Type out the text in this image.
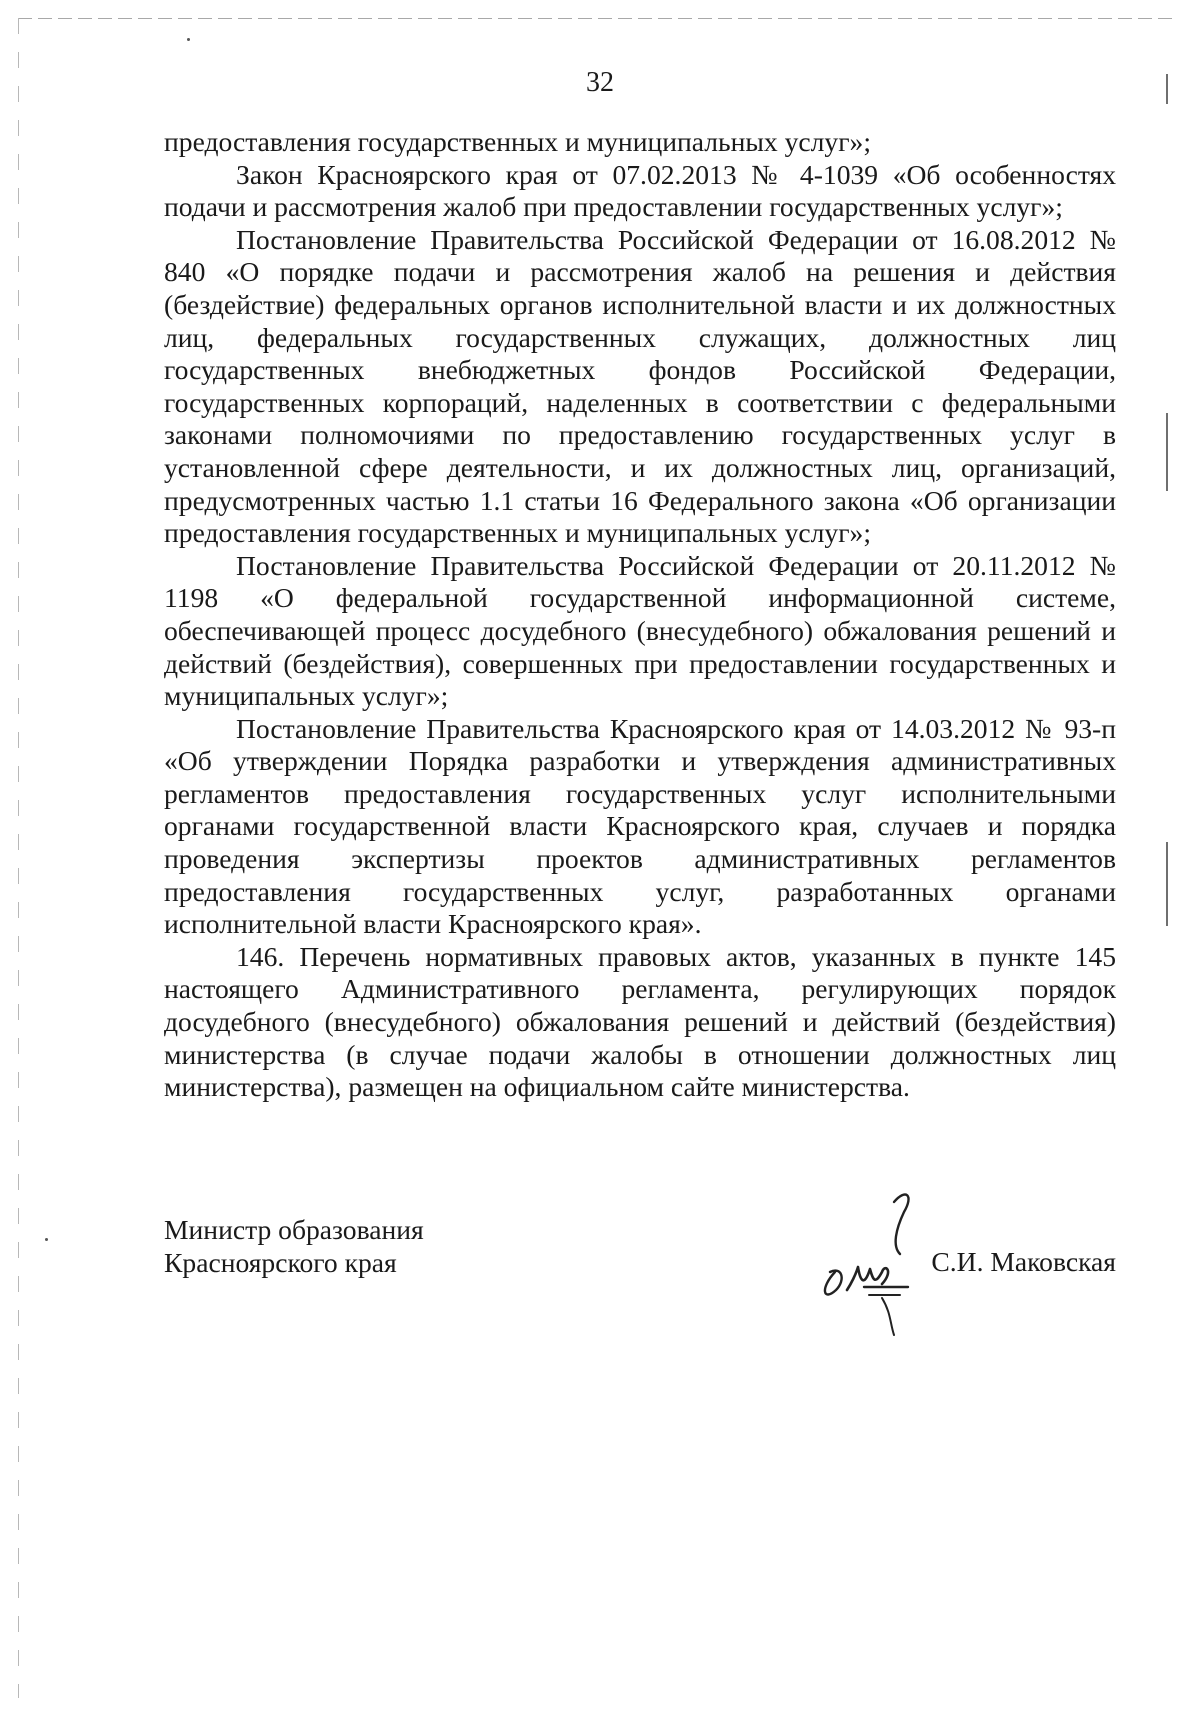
32

предоставления государственных и муниципальных услуг»;

Закон Красноярского края от 07.02.2013 № 4-1039 «Об особенностях подачи и рассмотрения жалоб при предоставлении государственных услуг»;

Постановление Правительства Российской Федерации от 16.08.2012 № 840 «О порядке подачи и рассмотрения жалоб на решения и действия (бездействие) федеральных органов исполнительной власти и их должностных лиц, федеральных государственных служащих, должностных лиц государственных внебюджетных фондов Российской Федерации, государственных корпораций, наделенных в соответствии с федеральными законами полномочиями по предоставлению государственных услуг в установленной сфере деятельности, и их должностных лиц, организаций, предусмотренных частью 1.1 статьи 16 Федерального закона «Об организации предоставления государственных и муниципальных услуг»;

Постановление Правительства Российской Федерации от 20.11.2012 № 1198 «О федеральной государственной информационной системе, обеспечивающей процесс досудебного (внесудебного) обжалования решений и действий (бездействия), совершенных при предоставлении государственных и муниципальных услуг»;

Постановление Правительства Красноярского края от 14.03.2012 № 93-п «Об утверждении Порядка разработки и утверждения административных регламентов предоставления государственных услуг исполнительными органами государственной власти Красноярского края, случаев и порядка проведения экспертизы проектов административных регламентов предоставления государственных услуг, разработанных органами исполнительной власти Красноярского края».

146. Перечень нормативных правовых актов, указанных в пункте 145 настоящего Административного регламента, регулирующих порядок досудебного (внесудебного) обжалования решений и действий (бездействия) министерства (в случае подачи жалобы в отношении должностных лиц министерства), размещен на официальном сайте министерства.

Министр образования
Красноярского края	С.И. Маковская
